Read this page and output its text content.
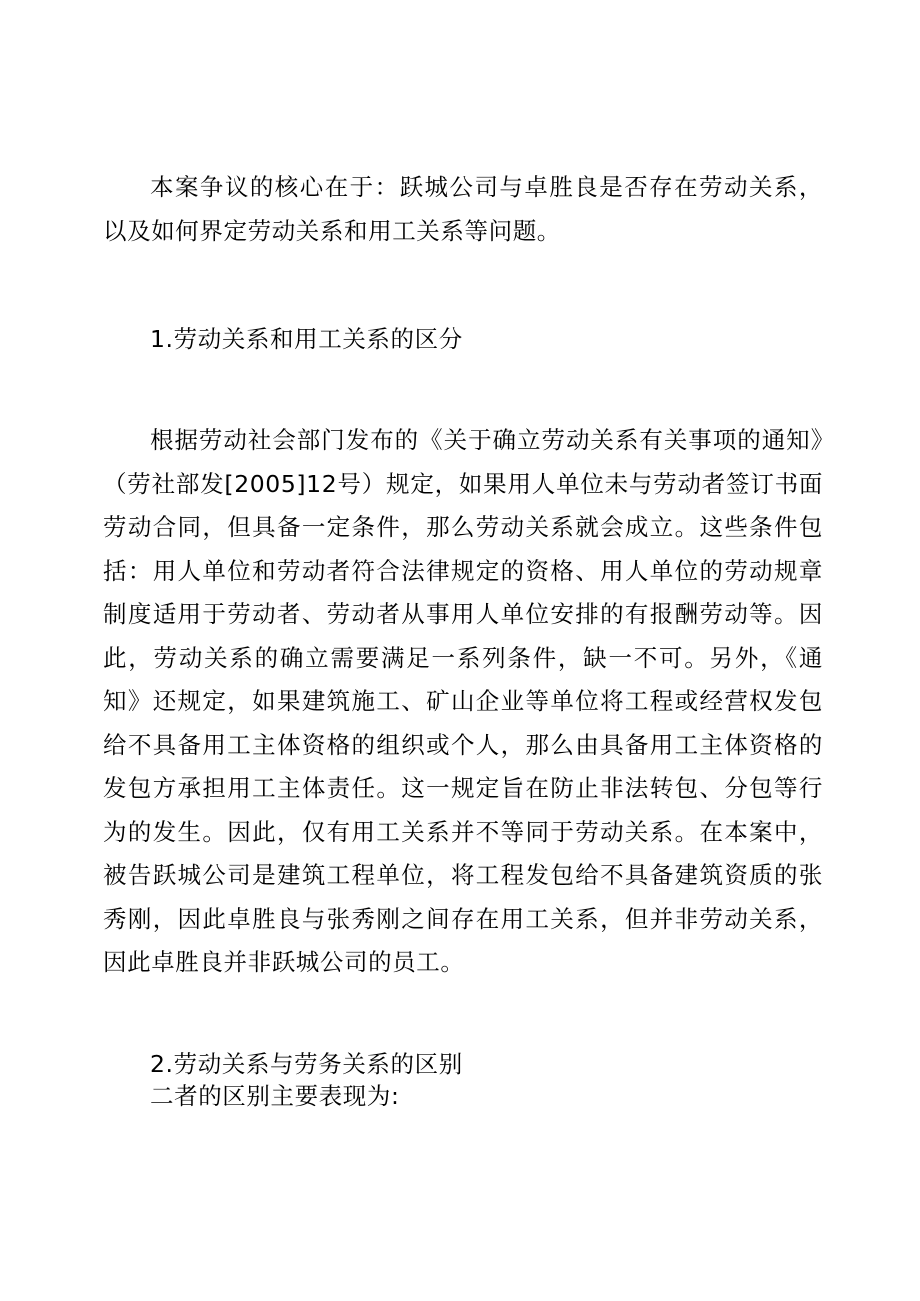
本案争议的核心在于：跃城公司与卓胜良是否存在劳动关系，以及如何界定劳动关系和用工关系等问题。

1.劳动关系和用工关系的区分

根据劳动社会部门发布的《关于确立劳动关系有关事项的通知》（劳社部发[2005]12号）规定，如果用人单位未与劳动者签订书面劳动合同，但具备一定条件，那么劳动关系就会成立。这些条件包括：用人单位和劳动者符合法律规定的资格、用人单位的劳动规章制度适用于劳动者、劳动者从事用人单位安排的有报酬劳动等。因此，劳动关系的确立需要满足一系列条件，缺一不可。另外，《通知》还规定，如果建筑施工、矿山企业等单位将工程或经营权发包给不具备用工主体资格的组织或个人，那么由具备用工主体资格的发包方承担用工主体责任。这一规定旨在防止非法转包、分包等行为的发生。因此，仅有用工关系并不等同于劳动关系。在本案中，被告跃城公司是建筑工程单位，将工程发包给不具备建筑资质的张秀刚，因此卓胜良与张秀刚之间存在用工关系，但并非劳动关系，因此卓胜良并非跃城公司的员工。

2.劳动关系与劳务关系的区别

二者的区别主要表现为:
